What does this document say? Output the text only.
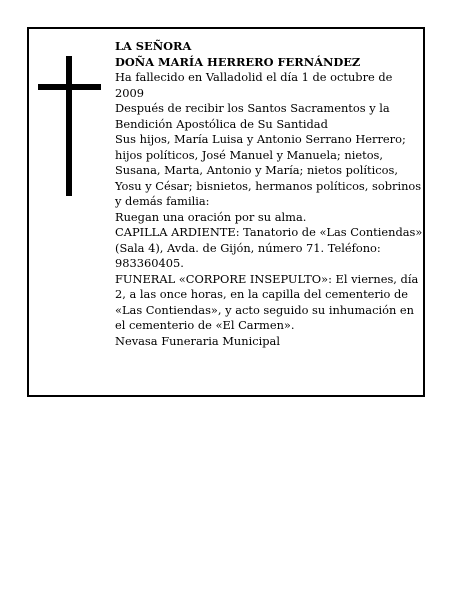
LA SEÑORA

DOÑA MARÍA HERRERO FERNÁNDEZ

Ha fallecido en Valladolid el día 1 de octubre de 2009

Después de recibir los Santos Sacramentos y la Bendición Apostólica de Su Santidad

Sus hijos, María Luisa y Antonio Serrano Herrero; hijos políticos, José Manuel y Manuela; nietos, Susana, Marta, Antonio y María; nietos políticos, Yosu y César; bisnietos, hermanos políticos, sobrinos y demás familia:

Ruegan una oración por su alma.

CAPILLA ARDIENTE: Tanatorio de «Las Contiendas» (Sala 4), Avda. de Gijón, número 71. Teléfono: 983360405.

FUNERAL «CORPORE INSEPULTO»: El viernes, día 2, a las once horas, en la capilla del cementerio de «Las Contiendas», y acto seguido su inhumación en el cementerio de «El Carmen».

Nevasa Funeraria Municipal
